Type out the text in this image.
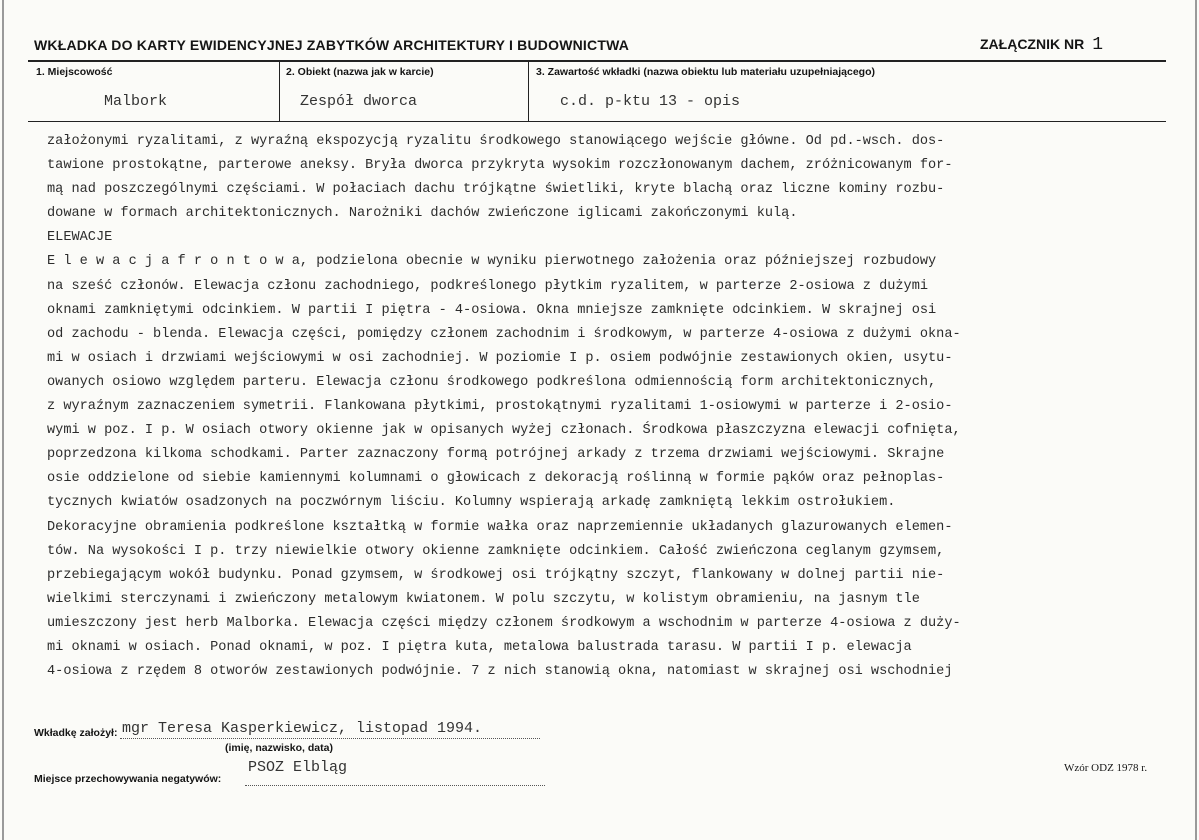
WKŁADKA DO KARTY EWIDENCYJNEJ ZABYTKÓW ARCHITEKTURY I BUDOWNICTWA	ZAŁĄCZNIK NR 1
1. Miejscowość
Malbork
2. Obiekt (nazwa jak w karcie)
Zespół dworca
3. Zawartość wkładki (nazwa obiektu lub materiału uzupełniającego)
c.d. p-ktu 13 - opis
założonymi ryzalitami, z wyraźną ekspozycją ryzalitu środkowego stanowiącego wejście główne. Od pd.-wsch. dos-
tawione prostokątne, parterowe aneksy. Bryła dworca przykryta wysokim rozczłonowanym dachem, zróżnicowanym for-
mą nad poszczególnymi częściami. W połaciach dachu trójkątne świetliki, kryte blachą oraz liczne kominy rozbu-
dowane w formach architektonicznych. Narożniki dachów zwieńczone iglicami zakończonymi kulą.
ELEWACJE
E l e w a c j a f r o n t o w a, podzielona obecnie w wyniku pierwotnego założenia oraz późniejszej rozbudowy
na sześć członów. Elewacja członu zachodniego, podkreślonego płytkim ryzalitem, w parterze 2-osiowa z dużymi
oknami zamkniętymi odcinkiem. W partii I piętra - 4-osiowa. Okna mniejsze zamknięte odcinkiem. W skrajnej osi
od zachodu - blenda. Elewacja części, pomiędzy członem zachodnim i środkowym, w parterze 4-osiowa z dużymi okna-
mi w osiach i drzwiami wejściowymi w osi zachodniej. W poziomie I p. osiem podwójnie zestawionych okien, usytu-
owanych osiowo względem parteru. Elewacja członu środkowego podkreślona odmiennością form architektonicznych,
z wyraźnym zaznaczeniem symetrii. Flankowana płytkimi, prostokątnymi ryzalitami 1-osiowymi w parterze i 2-osio-
wymi w poz. I p. W osiach otwory okienne jak w opisanych wyżej członach. Środkowa płaszczyzna elewacji cofnięta,
poprzedzona kilkoma schodkami. Parter zaznaczony formą potrójnej arkady z trzema drzwiami wejściowymi. Skrajne
osie oddzielone od siebie kamiennymi kolumnami o głowicach z dekoracją roślinną w formie pąków oraz pełnoplas-
tycznych kwiatów osadzonych na poczwórnym liściu. Kolumny wspierają arkadę zamkniętą lekkim ostrołukiem.
Dekoracyjne obramienia podkreślone kształtką w formie wałka oraz naprzemiennie układanych glazurowanych elemen-
tów. Na wysokości I p. trzy niewielkie otwory okienne zamknięte odcinkiem. Całość zwieńczona ceglanym gzymsem,
przebiegającym wokół budynku. Ponad gzymsem, w środkowej osi trójkątny szczyt, flankowany w dolnej partii nie-
wielkimi sterczynami i zwieńczony metalowym kwiatonem. W polu szczytu, w kolistym obramieniu, na jasnym tle
umieszczony jest herb Malborka. Elewacja części między członem środkowym a wschodnim w parterze 4-osiowa z duży-
mi oknami w osiach. Ponad oknami, w poz. I piętra kuta, metalowa balustrada tarasu. W partii I p. elewacja
4-osiowa z rzędem 8 otworów zestawionych podwójnie. 7 z nich stanowią okna, natomiast w skrajnej osi wschodniej
Wkładkę założył: mgr Teresa Kasperkiewicz, listopad 1994.
(imię, nazwisko, data)
Miejsce przechowywania negatywów:
PSOZ Elbląg	Wzór ODZ 1978 r.
